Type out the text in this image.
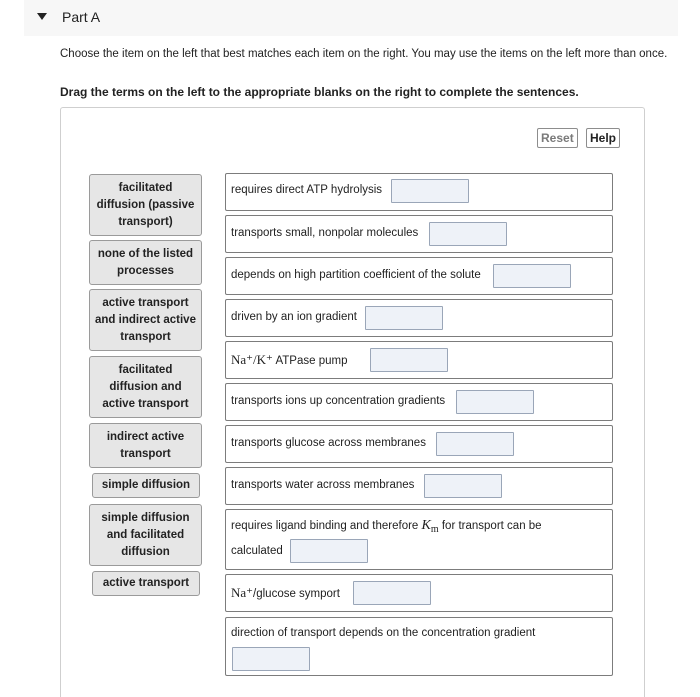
Part A
Choose the item on the left that best matches each item on the right. You may use the items on the left more than once.
Drag the terms on the left to the appropriate blanks on the right to complete the sentences.
Reset	Help
facilitated diffusion (passive transport)
none of the listed processes
active transport and indirect active transport
facilitated diffusion and active transport
indirect active transport
simple diffusion
simple diffusion and facilitated diffusion
active transport
requires direct ATP hydrolysis
transports small, nonpolar molecules
depends on high partition coefficient of the solute
driven by an ion gradient
Na⁺/K⁺ ATPase pump
transports ions up concentration gradients
transports glucose across membranes
transports water across membranes
requires ligand binding and therefore Km for transport can be
calculated
Na⁺/glucose symport
direction of transport depends on the concentration gradient
